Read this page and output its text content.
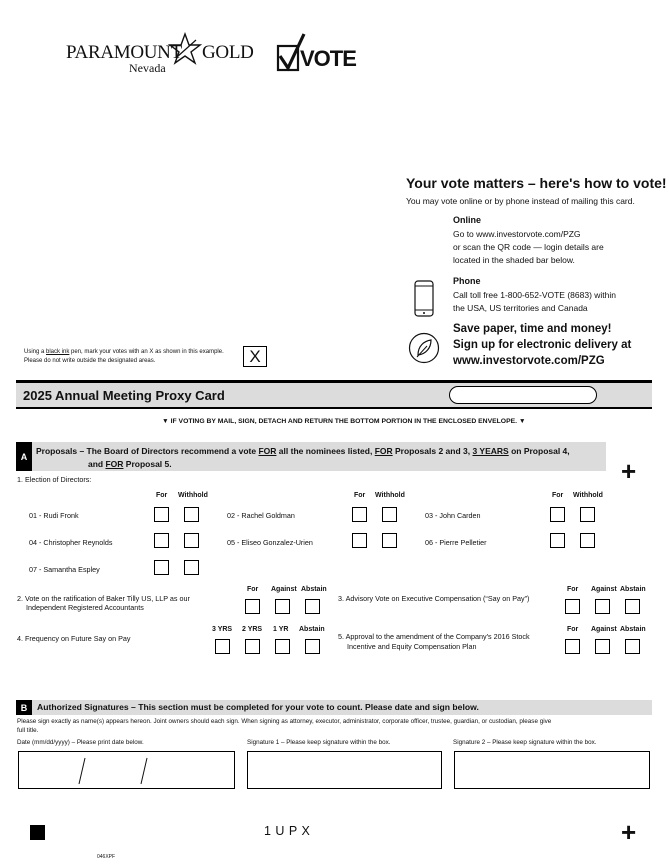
PARAMOUNT GOLD
Nevada	VOTE
Your vote matters – here's how to vote!
You may vote online or by phone instead of mailing this card.
Online
Go to www.investorvote.com/PZG
or scan the QR code — login details are
located in the shaded bar below.
Phone
Call toll free 1-800-652-VOTE (8683) within
the USA, US territories and Canada
Save paper, time and money!
Sign up for electronic delivery at
www.investorvote.com/PZG
Using a black ink pen, mark your votes with an X as shown in this example.
Please do not write outside the designated areas.	X
2025 Annual Meeting Proxy Card
▼ IF VOTING BY MAIL, SIGN, DETACH AND RETURN THE BOTTOM PORTION IN THE ENCLOSED ENVELOPE. ▼
A
Proposals – The Board of Directors recommend a vote FOR all the nominees listed, FOR Proposals 2 and 3, 3 YEARS on Proposal 4,
and FOR Proposal 5.	+
1. Election of Directors:
For Withhold	For Withhold	For Withhold
01 - Rudi Fronk	02 - Rachel Goldman	03 - John Carden
04 - Christopher Reynolds	05 - Eliseo Gonzalez-Urien	06 - Pierre Pelletier
07 - Samantha Espley
2. Vote on the ratification of Baker Tilly US, LLP as our
Independent Registered Accountants
For Against Abstain
3. Advisory Vote on Executive Compensation (“Say on Pay”)
For Against Abstain
4. Frequency on Future Say on Pay
3 YRS 2 YRS 1 YR Abstain
5. Approval to the amendment of the Company's 2016 Stock
Incentive and Equity Compensation Plan
For Against Abstain
B	Authorized Signatures – This section must be completed for your vote to count. Please date and sign below.
Please sign exactly as name(s) appears hereon. Joint owners should each sign. When signing as attorney, executor, administrator, corporate officer, trustee, guardian, or custodian, please give
full title.
Date (mm/dd/yyyy) – Please print date below.	Signature 1 – Please keep signature within the box.	Signature 2 – Please keep signature within the box.
1 U P X
046XPF
+
